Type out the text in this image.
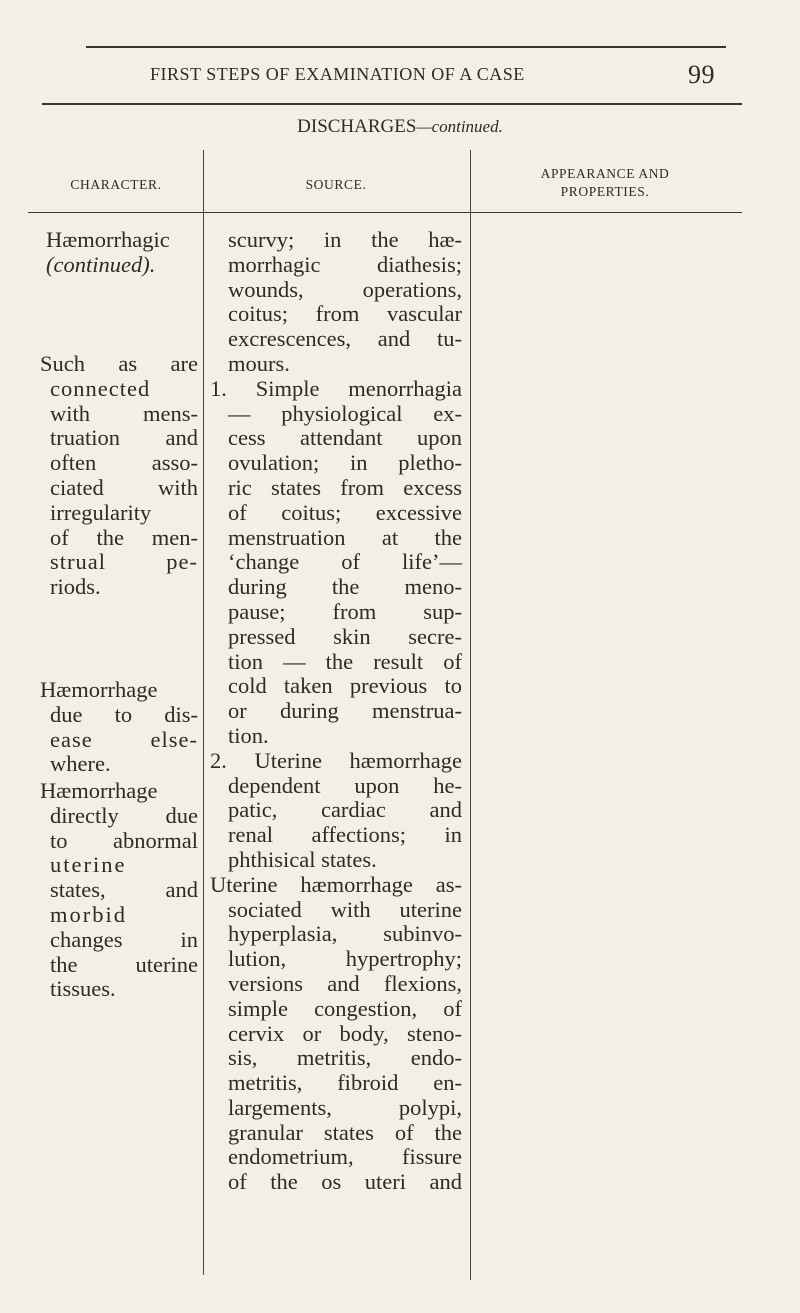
FIRST STEPS OF EXAMINATION OF A CASE	99
DISCHARGES—continued.
CHARACTER.	SOURCE.
APPEARANCE AND
PROPERTIES.
Hæmorrhagic
(continued).
Such as are
connected
with mens-
truation and
often asso-
ciated with
irregularity
of the men-
strual pe-
riods.
Hæmorrhage
due to dis-
ease else-
where.
Hæmorrhage
directly due
to abnormal
uterine
states, and
morbid
changes in
the uterine
tissues.
scurvy; in the hæ-
morrhagic diathesis;
wounds, operations,
coitus; from vascular
excrescences, and tu-
mours.
1. Simple menorrhagia
— physiological ex-
cess attendant upon
ovulation; in pletho-
ric states from excess
of coitus; excessive
menstruation at the
‘change of life’—
during the meno-
pause; from sup-
pressed skin secre-
tion — the result of
cold taken previous to
or during menstrua-
tion.
2. Uterine hæmorrhage
dependent upon he-
patic, cardiac and
renal affections; in
phthisical states.
Uterine hæmorrhage as-
sociated with uterine
hyperplasia, subinvo-
lution, hypertrophy;
versions and flexions,
simple congestion, of
cervix or body, steno-
sis, metritis, endo-
metritis, fibroid en-
largements, polypi,
granular states of the
endometrium, fissure
of the os uteri and
